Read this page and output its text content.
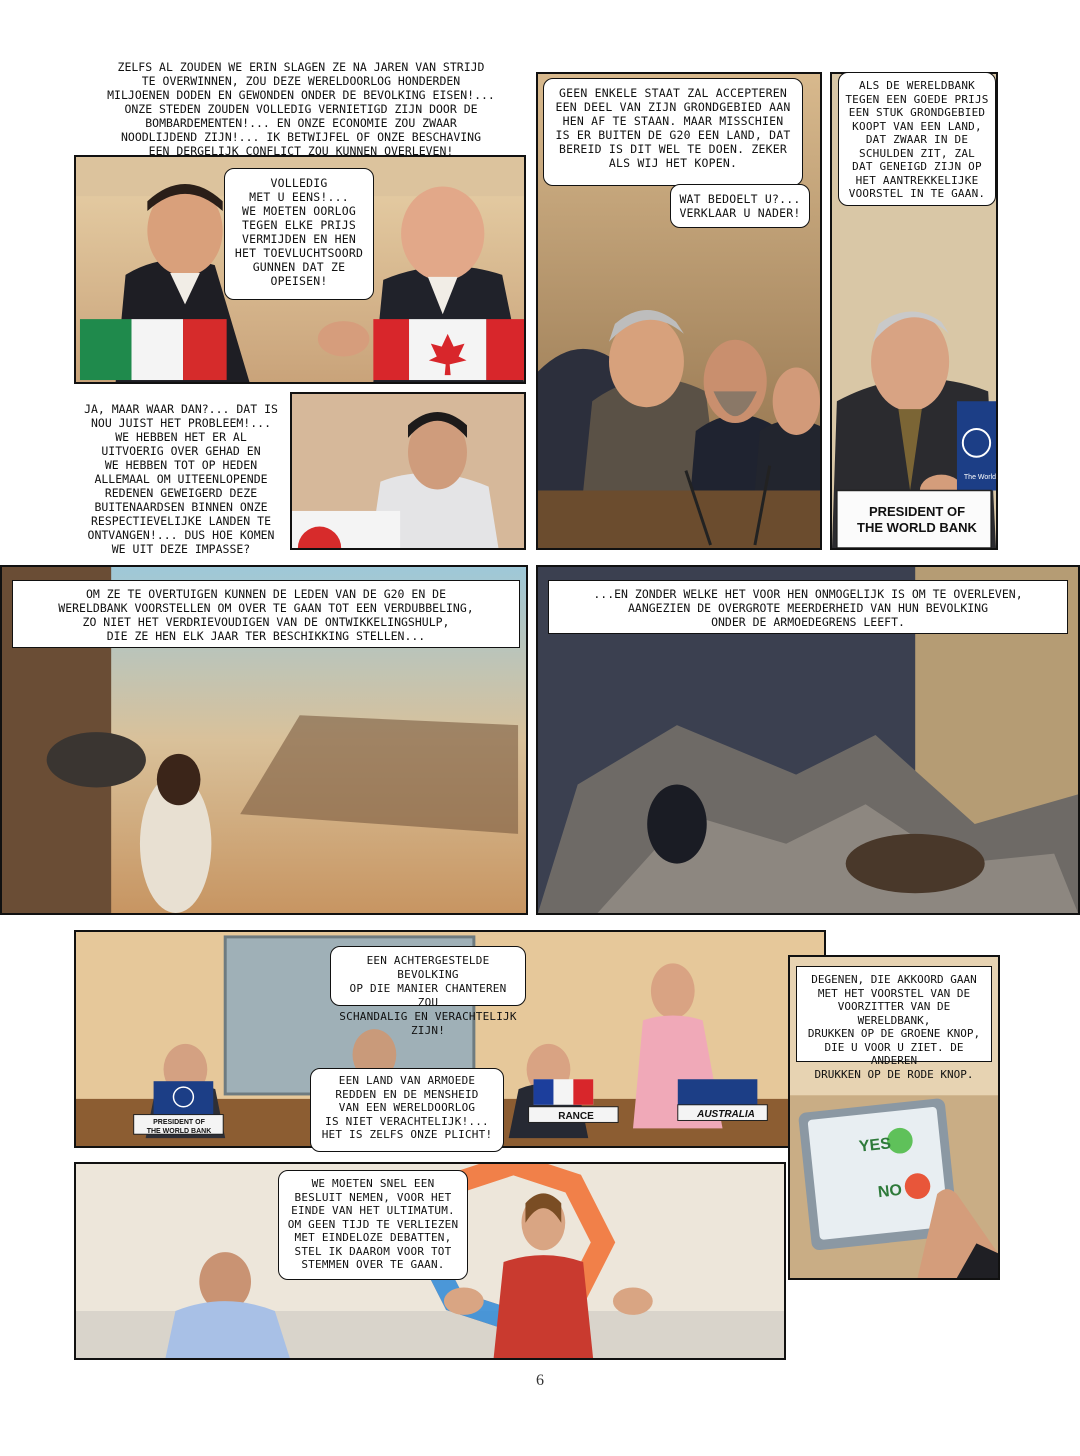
ZELFS AL ZOUDEN WE ERIN SLAGEN ZE NA JAREN VAN STRIJD
TE OVERWINNEN, ZOU DEZE WERELDOORLOG HONDERDEN
MILJOENEN DODEN EN GEWONDEN ONDER DE BEVOLKING EISEN!...
ONZE STEDEN ZOUDEN VOLLEDIG VERNIETIGD ZIJN DOOR DE
BOMBARDEMENTEN!... EN ONZE ECONOMIE ZOU ZWAAR
NOODLIJDEND ZIJN!... IK BETWIJFEL OF ONZE BESCHAVING
EEN DERGELIJK CONFLICT ZOU KUNNEN OVERLEVEN!
VOLLEDIG
MET U EENS!...
WE MOETEN OORLOG
TEGEN ELKE PRIJS
VERMIJDEN EN HEN
HET TOEVLUCHTSOORD
GUNNEN DAT ZE
OPEISEN!
GEEN ENKELE STAAT ZAL ACCEPTEREN
EEN DEEL VAN ZIJN GRONDGEBIED AAN
HEN AF TE STAAN. MAAR MISSCHIEN
IS ER BUITEN DE G20 EEN LAND, DAT
BEREID IS DIT WEL TE DOEN. ZEKER
ALS WIJ HET KOPEN.
WAT BEDOELT U?...
VERKLAAR U NADER!
PRESIDENT OF
THE WORLD BANK
The World
ALS DE WERELDBANK
TEGEN EEN GOEDE PRIJS
EEN STUK GRONDGEBIED
KOOPT VAN EEN LAND,
DAT ZWAAR IN DE
SCHULDEN ZIT, ZAL
DAT GENEIGD ZIJN OP
HET AANTREKKELIJKE
VOORSTEL IN TE GAAN.
JA, MAAR WAAR DAN?... DAT IS
NOU JUIST HET PROBLEEM!...
WE HEBBEN HET ER AL
UITVOERIG OVER GEHAD EN
WE HEBBEN TOT OP HEDEN
ALLEMAAL OM UITEENLOPENDE
REDENEN GEWEIGERD DEZE
BUITENAARDSEN BINNEN ONZE
RESPECTIEVELIJKE LANDEN TE
ONTVANGEN!... DUS HOE KOMEN
WE UIT DEZE IMPASSE?
OM ZE TE OVERTUIGEN KUNNEN DE LEDEN VAN DE G20 EN DE
WERELDBANK VOORSTELLEN OM OVER TE GAAN TOT EEN VERDUBBELING,
ZO NIET HET VERDRIEVOUDIGEN VAN DE ONTWIKKELINGSHULP,
DIE ZE HEN ELK JAAR TER BESCHIKKING STELLEN...
...EN ZONDER WELKE HET VOOR HEN ONMOGELIJK IS OM TE OVERLEVEN,
AANGEZIEN DE OVERGROTE MEERDERHEID VAN HUN BEVOLKING
ONDER DE ARMOEDEGRENS LEEFT.
PRESIDENT OF
THE WORLD BANK
RANCE	AUSTRALIA
EEN ACHTERGESTELDE BEVOLKING
OP DIE MANIER CHANTEREN ZOU
SCHANDALIG EN VERACHTELIJK ZIJN!
EEN LAND VAN ARMOEDE
REDDEN EN DE MENSHEID
VAN EEN WERELDOORLOG
IS NIET VERACHTELIJK!...
HET IS ZELFS ONZE PLICHT!
YES
NO
DEGENEN, DIE AKKOORD GAAN
MET HET VOORSTEL VAN DE
VOORZITTER VAN DE WERELDBANK,
DRUKKEN OP DE GROENE KNOP,
DIE U VOOR U ZIET. DE ANDEREN
DRUKKEN OP DE RODE KNOP.
WE MOETEN SNEL EEN
BESLUIT NEMEN, VOOR HET
EINDE VAN HET ULTIMATUM.
OM GEEN TIJD TE VERLIEZEN
MET EINDELOZE DEBATTEN,
STEL IK DAAROM VOOR TOT
STEMMEN OVER TE GAAN.
6
